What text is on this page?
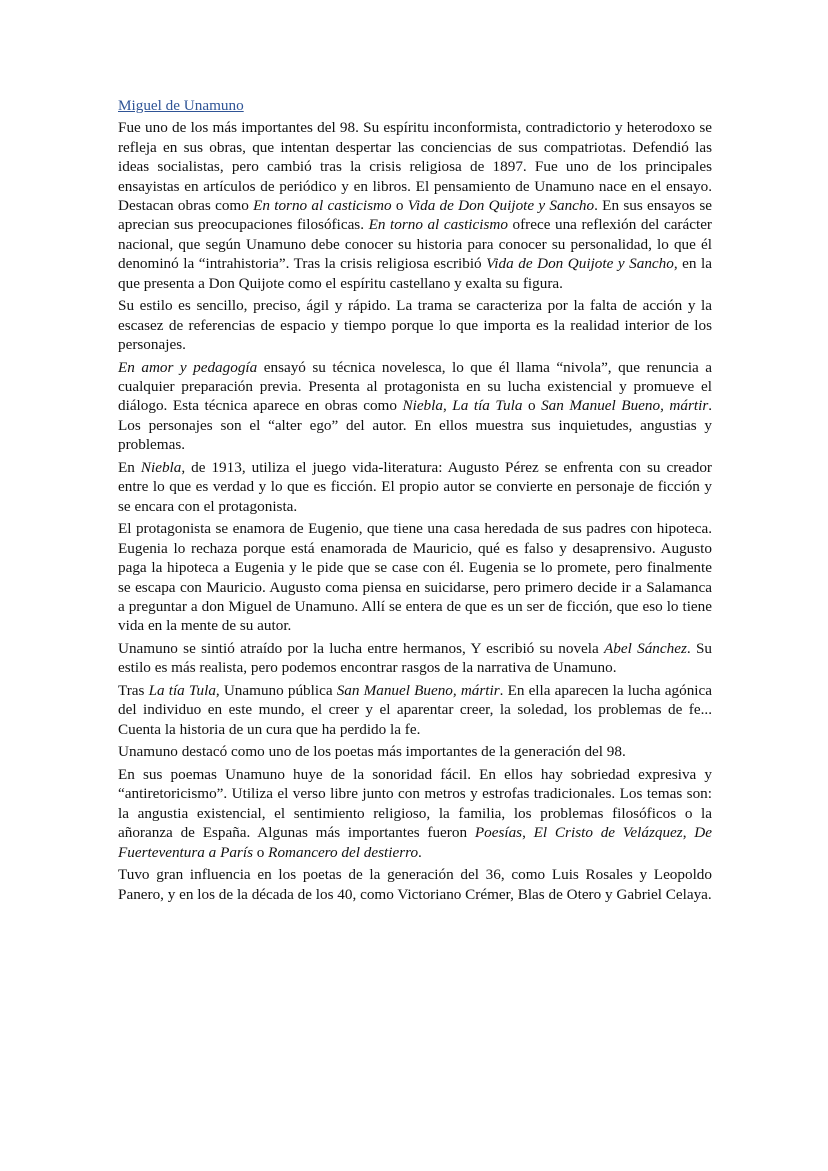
Miguel de Unamuno

Fue uno de los más importantes del 98. Su espíritu inconformista, contradictorio y heterodoxo se refleja en sus obras, que intentan despertar las conciencias de sus compatriotas. Defendió las ideas socialistas, pero cambió tras la crisis religiosa de 1897. Fue uno de los principales ensayistas en artículos de periódico y en libros. El pensamiento de Unamuno nace en el ensayo. Destacan obras como En torno al casticismo o Vida de Don Quijote y Sancho. En sus ensayos se aprecian sus preocupaciones filosóficas. En torno al casticismo ofrece una reflexión del carácter nacional, que según Unamuno debe conocer su historia para conocer su personalidad, lo que él denominó la “intrahistoria”. Tras la crisis religiosa escribió Vida de Don Quijote y Sancho, en la que presenta a Don Quijote como el espíritu castellano y exalta su figura.

Su estilo es sencillo, preciso, ágil y rápido. La trama se caracteriza por la falta de acción y la escasez de referencias de espacio y tiempo porque lo que importa es la realidad interior de los personajes.

En amor y pedagogía ensayó su técnica novelesca, lo que él llama “nivola”, que renuncia a cualquier preparación previa. Presenta al protagonista en su lucha existencial y promueve el diálogo. Esta técnica aparece en obras como Niebla, La tía Tula o San Manuel Bueno, mártir. Los personajes son el “alter ego” del autor. En ellos muestra sus inquietudes, angustias y problemas.

En Niebla, de 1913, utiliza el juego vida-literatura: Augusto Pérez se enfrenta con su creador entre lo que es verdad y lo que es ficción. El propio autor se convierte en personaje de ficción y se encara con el protagonista.

El protagonista se enamora de Eugenio, que tiene una casa heredada de sus padres con hipoteca. Eugenia lo rechaza porque está enamorada de Mauricio, qué es falso y desaprensivo. Augusto paga la hipoteca a Eugenia y le pide que se case con él. Eugenia se lo promete, pero finalmente se escapa con Mauricio. Augusto coma piensa en suicidarse, pero primero decide ir a Salamanca a preguntar a don Miguel de Unamuno. Allí se entera de que es un ser de ficción, que eso lo tiene vida en la mente de su autor.

Unamuno se sintió atraído por la lucha entre hermanos, Y escribió su novela Abel Sánchez. Su estilo es más realista, pero podemos encontrar rasgos de la narrativa de Unamuno.

Tras La tía Tula, Unamuno pública San Manuel Bueno, mártir. En ella aparecen la lucha agónica del individuo en este mundo, el creer y el aparentar creer, la soledad, los problemas de fe... Cuenta la historia de un cura que ha perdido la fe.

Unamuno destacó como uno de los poetas más importantes de la generación del 98.

En sus poemas Unamuno huye de la sonoridad fácil. En ellos hay sobriedad expresiva y “antiretoricismo”. Utiliza el verso libre junto con metros y estrofas tradicionales. Los temas son: la angustia existencial, el sentimiento religioso, la familia, los problemas filosóficos o la añoranza de España. Algunas más importantes fueron Poesías, El Cristo de Velázquez, De Fuerteventura a París o Romancero del destierro.

Tuvo gran influencia en los poetas de la generación del 36, como Luis Rosales y Leopoldo Panero, y en los de la década de los 40, como Victoriano Crémer, Blas de Otero y Gabriel Celaya.
